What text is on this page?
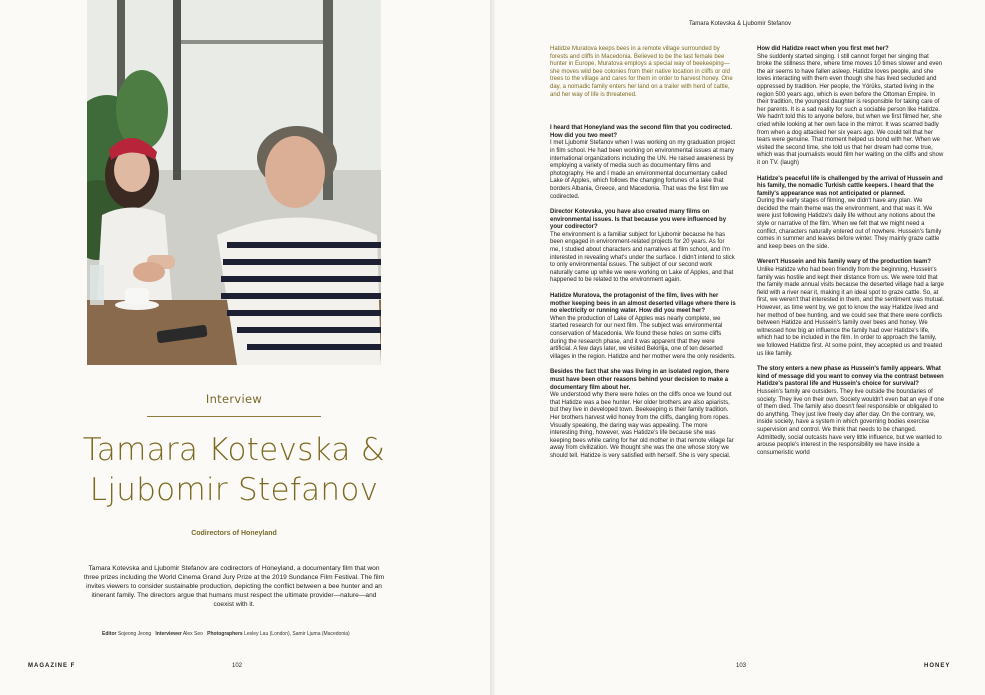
Interview
Tamara Kotevska &
Ljubomir Stefanov
Codirectors of Honeyland
Tamara Kotevska and Ljubomir Stefanov are codirectors of Honeyland, a documentary film that won three prizes including the World Cinema Grand Jury Prize at the 2019 Sundance Film Festival. The film invites viewers to consider sustainable production, depicting the conflict between a bee hunter and an itinerant family. The directors argue that humans must respect the ultimate provider—nature—and coexist with it.
Editor Sojeong Jeong Interviewer Alex Seo Photographers Lesley Lau (London), Samir Ljuma (Macedonia)
MAGAZINE F	102
Tamara Kotevska & Ljubomir Stefanov

Hatidze Muratova keeps bees in a remote village surrounded by forests and cliffs in Macedonia. Believed to be the last female bee hunter in Europe, Muratova employs a special way of beekeeping—she moves wild bee colonies from their native location in cliffs or old trees to the village and cares for them in order to harvest honey. One day, a nomadic family enters her land on a trailer with herd of cattle, and her way of life is threatened.

I heard that Honeyland was the second film that you codirected. How did you two meet?
I met Ljubomir Stefanov when I was working on my graduation project in film school. He had been working on environmental issues at many international organizations including the UN. He raised awareness by employing a variety of media such as documentary films and photography. He and I made an environmental documentary called Lake of Apples, which follows the changing fortunes of a lake that borders Albania, Greece, and Macedonia. That was the first film we codirected.

Director Kotevska, you have also created many films on environmental issues. Is that because you were influenced by your codirector?
The environment is a familiar subject for Ljubomir because he has been engaged in environment-related projects for 20 years. As for me, I studied about characters and narratives at film school, and I'm interested in revealing what's under the surface. I didn't intend to stick to only environmental issues. The subject of our second work naturally came up while we were working on Lake of Apples, and that happened to be related to the environment again.

Hatidze Muratova, the protagonist of the film, lives with her mother keeping bees in an almost deserted village where there is no electricity or running water. How did you meet her?
When the production of Lake of Apples was nearly complete, we started research for our next film. The subject was environmental conservation of Macedonia. We found these holes on some cliffs during the research phase, and it was apparent that they were artificial. A few days later, we visited Bekirlija, one of ten deserted villages in the region. Hatidze and her mother were the only residents.

Besides the fact that she was living in an isolated region, there must have been other reasons behind your decision to make a documentary film about her.
We understood why there were holes on the cliffs once we found out that Hatidze was a bee hunter. Her older brothers are also apiarists, but they live in developed town. Beekeeping is their family tradition. Her brothers harvest wild honey from the cliffs, dangling from ropes. Visually speaking, the daring way was appealing. The more interesting thing, however, was Hatidze's life because she was keeping bees while caring for her old mother in that remote village far away from civilization. We thought she was the one whose story we should tell. Hatidze is very satisfied with herself. She is very special.

How did Hatidze react when you first met her?
She suddenly started singing. I still cannot forget her singing that broke the stillness there, where time moves 10 times slower and even the air seems to have fallen asleep. Hatidze loves people, and she loves interacting with them even though she has lived secluded and oppressed by tradition. Her people, the Yörüks, started living in the region 500 years ago, which is even before the Ottoman Empire. In their tradition, the youngest daughter is responsible for taking care of her parents. It is a sad reality for such a sociable person like Hatidze. We hadn't told this to anyone before, but when we first filmed her, she cried while looking at her own face in the mirror. It was scarred badly from when a dog attacked her six years ago. We could tell that her tears were genuine. That moment helped us bond with her. When we visited the second time, she told us that her dream had come true, which was that journalists would film her waiting on the cliffs and show it on TV. (laugh)

Hatidze's peaceful life is challenged by the arrival of Hussein and his family, the nomadic Turkish cattle keepers. I heard that the family's appearance was not anticipated or planned.
During the early stages of filming, we didn't have any plan. We decided the main theme was the environment, and that was it. We were just following Hatidze's daily life without any notions about the style or narrative of the film. When we felt that we might need a conflict, characters naturally entered out of nowhere. Hussein's family comes in summer and leaves before winter. They mainly graze cattle and keep bees on the side.

Weren't Hussein and his family wary of the production team?
Unlike Hatidze who had been friendly from the beginning, Hussein's family was hostile and kept their distance from us. We were told that the family made annual visits because the deserted village had a large field with a river near it, making it an ideal spot to graze cattle. So, at first, we weren't that interested in them, and the sentiment was mutual. However, as time went by, we got to know the way Hatidze lived and her method of bee hunting, and we could see that there were conflicts between Hatidze and Hussein's family over bees and honey. We witnessed how big an influence the family had over Hatidze's life, which had to be included in the film. In order to approach the family, we followed Hatidze first. At some point, they accepted us and treated us like family.

The story enters a new phase as Hussein's family appears. What kind of message did you want to convey via the contrast between Hatidze's pastoral life and Hussein's choice for survival?
Hussein's family are outsiders. They live outside the boundaries of society. They live on their own. Society wouldn't even bat an eye if one of them died. The family also doesn't feel responsible or obligated to do anything. They just live freely day after day. On the contrary, we, inside society, have a system in which governing bodies exercise supervision and control. We think that needs to be changed. Admittedly, social outcasts have very little influence, but we wanted to arouse people's interest in the responsibility we have inside a consumeristic world

103	HONEY
